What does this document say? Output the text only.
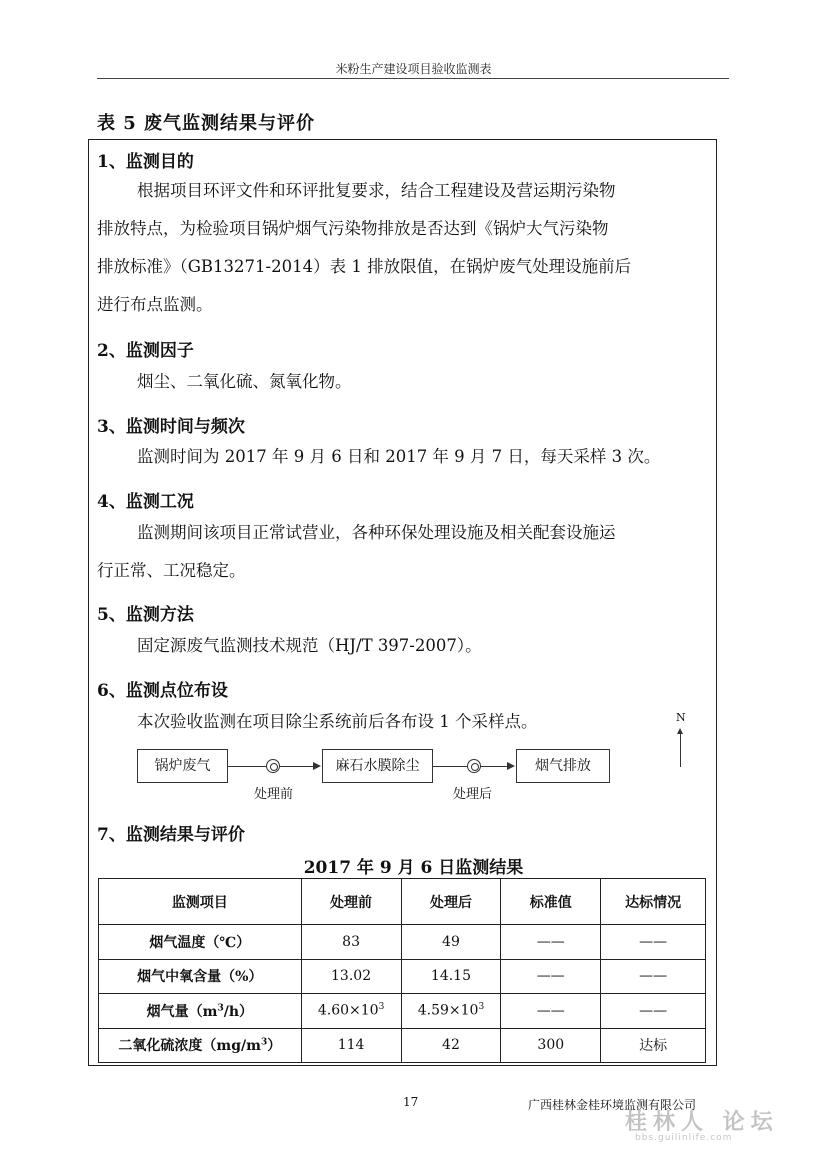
米粉生产建设项目验收监测表
表 5 废气监测结果与评价
1、监测目的
根据项目环评文件和环评批复要求，结合工程建设及营运期污染物
排放特点，为检验项目锅炉烟气污染物排放是否达到《锅炉大气污染物
排放标准》（GB13271-2014）表 1 排放限值，在锅炉废气处理设施前后
进行布点监测。
2、监测因子
烟尘、二氧化硫、氮氧化物。
3、监测时间与频次
监测时间为 2017 年 9 月 6 日和 2017 年 9 月 7 日，每天采样 3 次。
4、监测工况
监测期间该项目正常试营业，各种环保处理设施及相关配套设施运
行正常、工况稳定。
5、监测方法
固定源废气监测技术规范（HJ/T 397-2007）。
6、监测点位布设
本次验收监测在项目除尘系统前后各布设 1 个采样点。
锅炉废气
处理前
麻石水膜除尘
处理后
烟气排放
N
7、监测结果与评价
2017 年 9 月 6 日监测结果
监测项目	处理前	处理后	标准值	达标情况
烟气温度（℃）	83	49	——	——
烟气中氧含量（%）	13.02	14.15	——	——
烟气量$(m^3/h)$	$4.60\times 10^3$	$4.59\times 10^3$	——	——
二氧化硫浓度$(mg/m^3)$	114	42	300	达标
17	广西桂林金桂环境监测有限公司
桂林人 论坛
bbs.guilinlife.com
